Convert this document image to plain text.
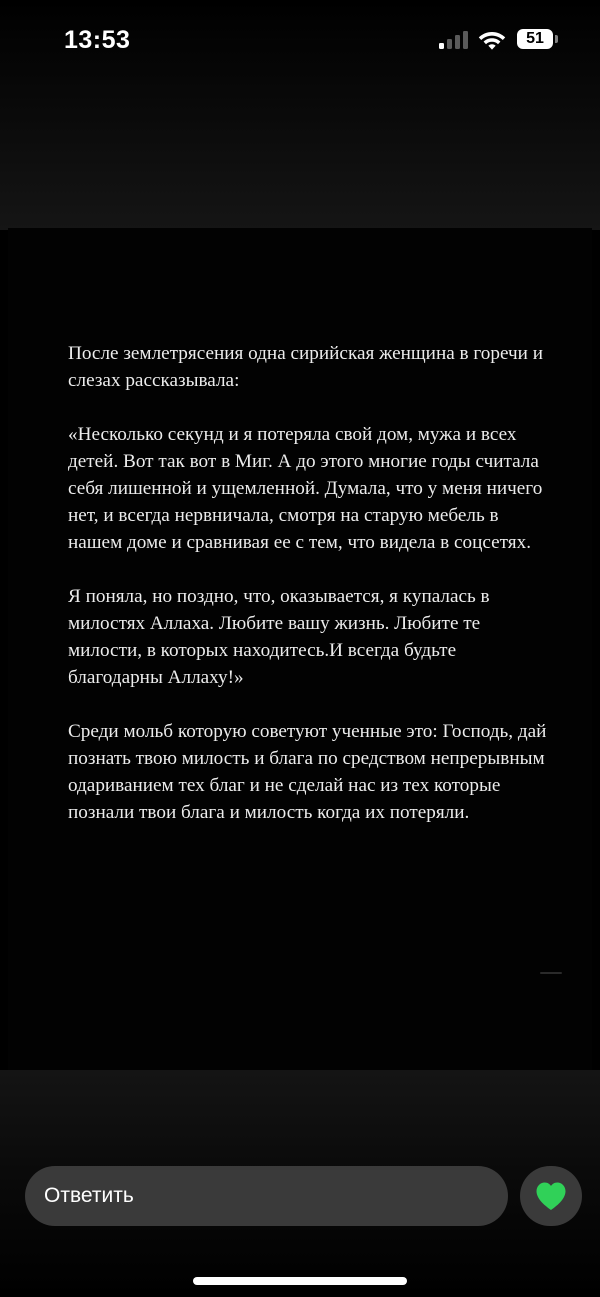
13:53	51

После землетрясения одна сирийская женщина в горечи и слезах рассказывала:

«Несколько секунд и я потеряла свой дом, мужа и всех детей. Вот так вот в Миг. А до этого многие годы считала себя лишенной и ущемленной. Думала, что у меня ничего нет, и всегда нервничала, смотря на старую мебель в нашем доме и сравнивая ее с тем, что видела в соцсетях.

Я поняла, но поздно, что, оказывается, я купалась в милостях Аллаха. Любите вашу жизнь. Любите те милости, в которых находитесь.И всегда будьте благодарны Аллаху!»

Среди мольб которую советуют ученные это: Господь, дай познать твою милость и блага по средством непрерывным одариванием тех благ и не сделай нас из тех которые познали твои блага и милость когда их потеряли.

Ответить
